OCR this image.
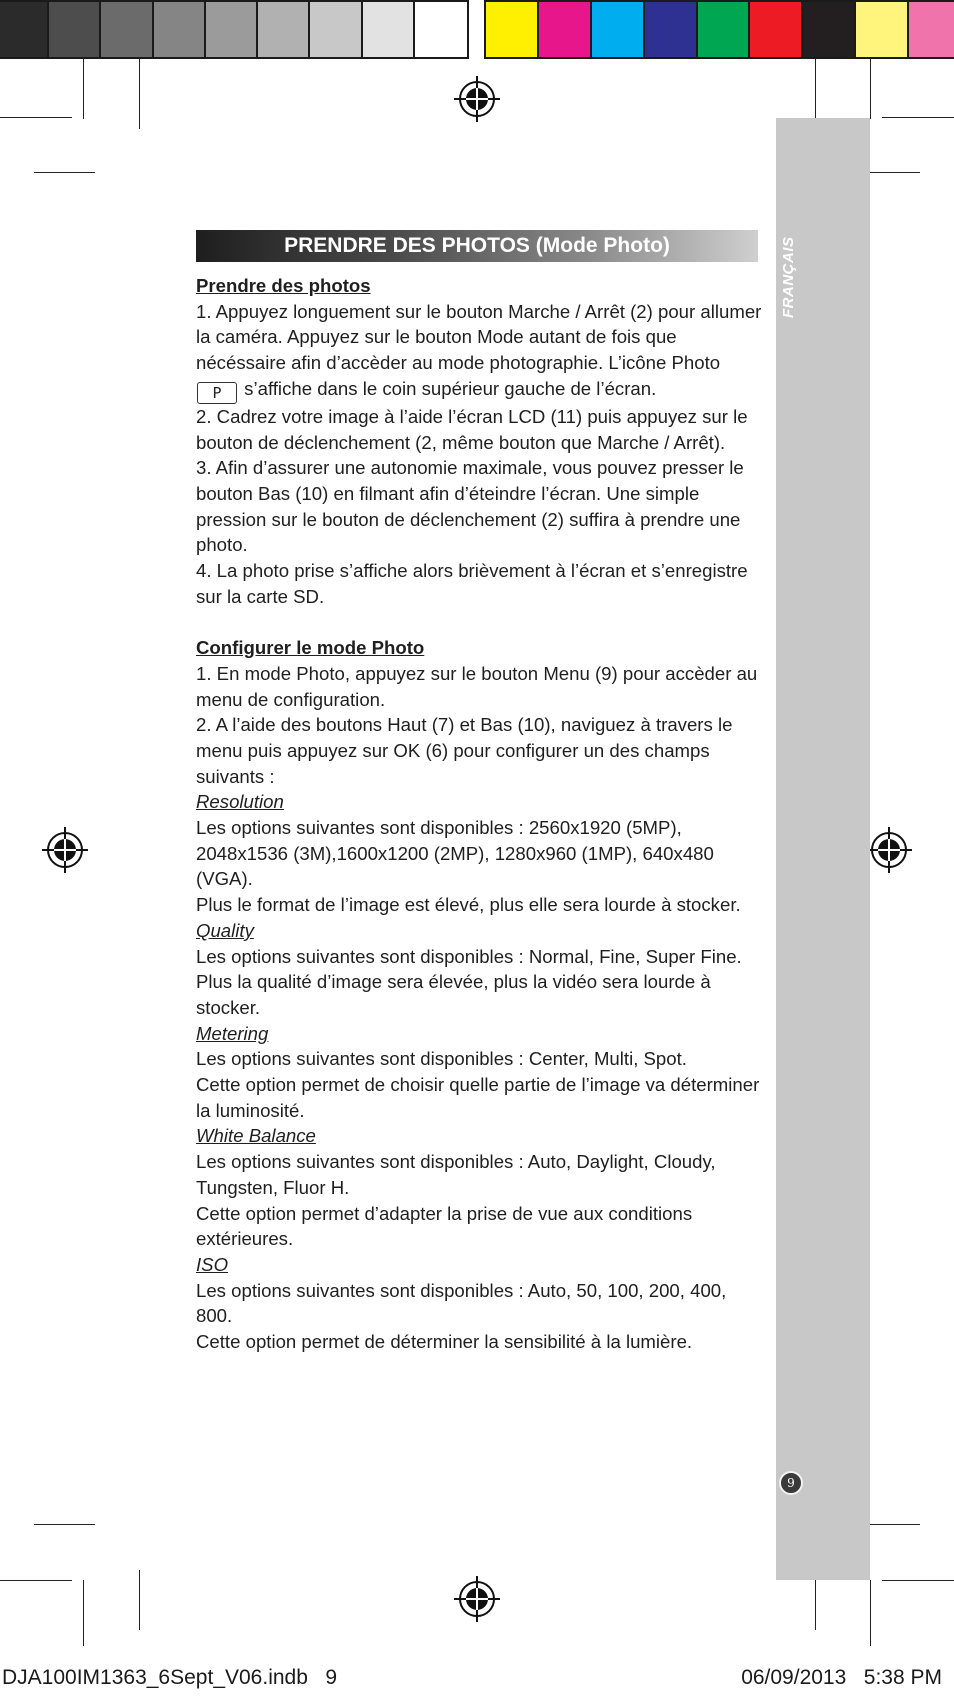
FRANÇAIS
9
PRENDRE DES PHOTOS (Mode Photo)

Prendre des photos

1. Appuyez longuement sur le bouton Marche / Arrêt (2) pour allumer la caméra. Appuyez sur le bouton Mode autant de fois que nécéssaire afin d’accèder au mode photographie. L’icône Photo P s’affiche dans le coin supérieur gauche de l’écran.

2. Cadrez votre image à l’aide l’écran LCD (11) puis appuyez sur le bouton de déclenchement (2, même bouton que Marche / Arrêt).

3. Afin d’assurer une autonomie maximale, vous pouvez presser le bouton Bas (10) en filmant afin d’éteindre l’écran. Une simple pression sur le bouton de déclenchement (2) suffira à prendre une photo.

4. La photo prise s’affiche alors brièvement à l’écran et s’enregistre sur la carte SD.

Configurer le mode Photo

1. En mode Photo, appuyez sur le bouton Menu (9) pour accèder au menu de configuration.

2. A l’aide des boutons Haut (7) et Bas (10), naviguez à travers le menu puis appuyez sur OK (6) pour configurer un des champs suivants :

Resolution

Les options suivantes sont disponibles : 2560x1920 (5MP), 2048x1536 (3M),1600x1200 (2MP), 1280x960 (1MP), 640x480 (VGA).

Plus le format de l’image est élevé, plus elle sera lourde à stocker.

Quality

Les options suivantes sont disponibles : Normal, Fine, Super Fine.

Plus la qualité d’image sera élevée, plus la vidéo sera lourde à stocker.

Metering

Les options suivantes sont disponibles : Center, Multi, Spot.

Cette option permet de choisir quelle partie de l’image va déterminer la luminosité.

White Balance

Les options suivantes sont disponibles : Auto, Daylight, Cloudy, Tungsten, Fluor H.

Cette option permet d’adapter la prise de vue aux conditions extérieures.

ISO

Les options suivantes sont disponibles : Auto, 50, 100, 200, 400, 800.

Cette option permet de déterminer la sensibilité à la lumière.

DJA100IM1363_6Sept_V06.indb   9	06/09/2013   5:38 PM
